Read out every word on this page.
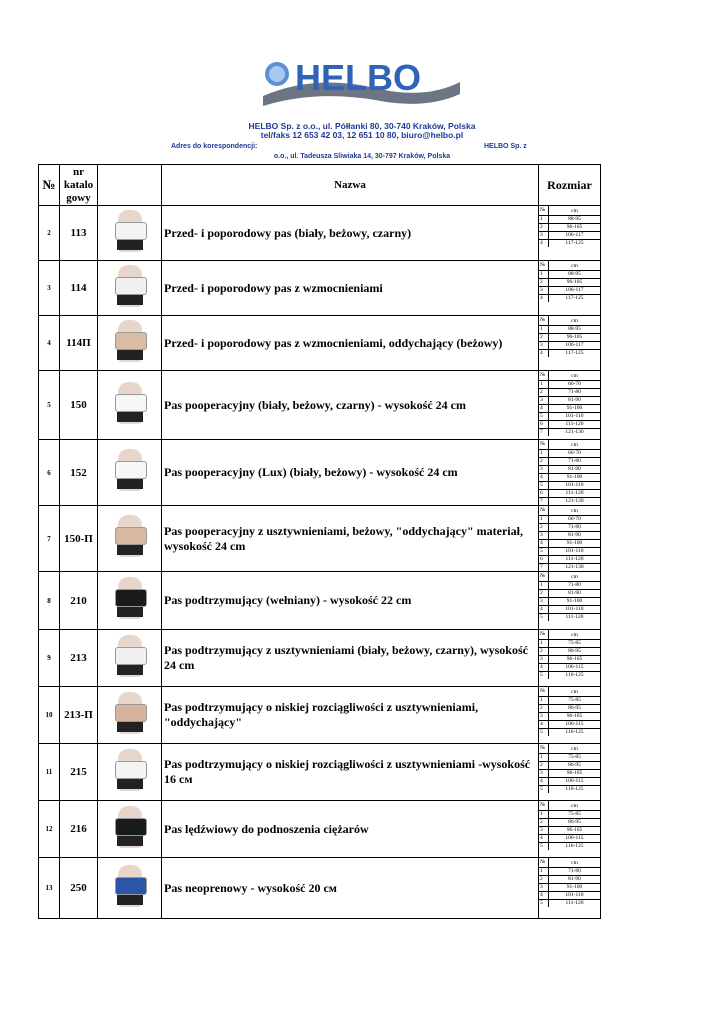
HELBO
HELBO Sp. z o.o., ul. Półłanki 80, 30-740 Kraków, Polska
tel/faks 12 653 42 03, 12 651 10 80, biuro@helbo.pl
Adres do korespondencji:	HELBO Sp. z
o.o., ul. Tadeusza Sliwiaka 14, 30-797 Kraków, Polska
№	
nr
katalo
gowy
		Nazwa	Rozmiar
2	113		Przed- i poporodowy pas (biały, beżowy, czarny)	
№	cm
1	88-95
2	96-105
3	106-117
4	117-125

3	114		Przed- i poporodowy pas z wzmocnieniami	
№	cm
1	88-95
2	96-105
3	106-117
4	117-125

4	114П		Przed- i poporodowy pas z wzmocnieniami, oddychający (beżowy)	
№	cm
1	88-95
2	96-105
3	106-117
4	117-125

5	150		Pas pooperacyjny (biały, beżowy, czarny) - wysokość 24 cm	
№	cm
1	60-70
2	71-80
3	81-90
4	91-100
5	101-110
6	111-120
7	121-130

6	152		Pas pooperacyjny (Lux) (biały, beżowy) - wysokość 24 cm	
№	cm
1	60-70
2	71-80
3	81-90
4	91-100
5	101-110
6	111-120
7	121-130

7	150-П	
	Pas pooperacyjny z usztywnieniami, beżowy, "oddychający" materiał, wysokość 24 cm	
№	cm
1	60-70
2	71-80
3	81-90
4	91-100
5	101-110
6	111-120
7	121-130

8	210		Pas podtrzymujący (wełniany) - wysokość 22 cm	
№	cm
1	71-80
2	81-90
3	91-100
4	101-110
5	111-120

9	213	
	Pas podtrzymujący z usztywnieniami (biały, beżowy, czarny), wysokość 24 cm	
№	cm
1	75-85
2	86-95
3	96-105
4	106-115
5	116-125

10	213-П	
	Pas podtrzymujący o niskiej rozciągliwości z usztywnieniami, "oddychający"	
№	cm
1	75-85
2	86-95
3	96-105
4	106-115
5	116-125

11	215	
	Pas podtrzymujący o niskiej rozciągliwości z usztywnieniami -wysokość 16 см	
№	cm
1	75-85
2	86-95
3	96-105
4	106-115
5	116-125

12	216		Pas lędźwiowy do podnoszenia ciężarów	
№	cm
1	75-85
2	86-95
3	96-105
4	106-115
5	116-125

13	250		Pas neoprenowy - wysokość 20 см	
№	cm
1	71-80
2	81-90
3	91-100
4	101-110
5	111-120
